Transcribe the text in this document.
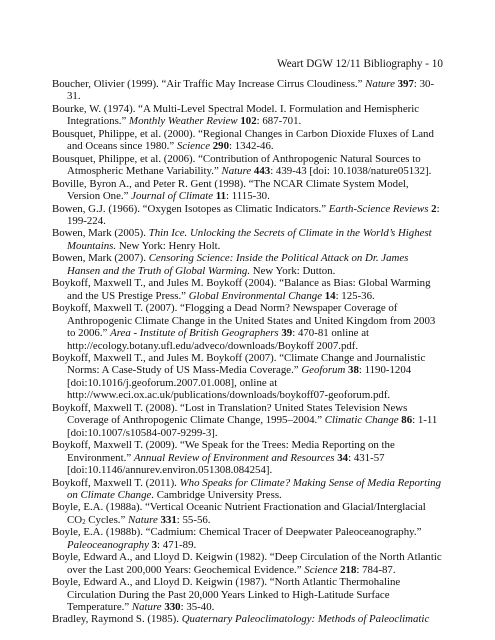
Weart DGW 12/11 Bibliography - 10

Boucher, Olivier (1999). “Air Traffic May Increase Cirrus Cloudiness.” Nature 397: 30-31.

Bourke, W. (1974). “A Multi-Level Spectral Model. I. Formulation and Hemispheric Integrations.” Monthly Weather Review 102: 687-701.

Bousquet, Philippe, et al. (2000). “Regional Changes in Carbon Dioxide Fluxes of Land and Oceans since 1980.” Science 290: 1342-46.

Bousquet, Philippe, et al. (2006). “Contribution of Anthropogenic Natural Sources to Atmospheric Methane Variability.” Nature 443: 439-43 [doi: 10.1038/nature05132].

Boville, Byron A., and Peter R. Gent (1998). “The NCAR Climate System Model, Version One.” Journal of Climate 11: 1115-30.

Bowen, G.J. (1966). “Oxygen Isotopes as Climatic Indicators.” Earth-Science Reviews 2: 199-224.

Bowen, Mark (2005). Thin Ice. Unlocking the Secrets of Climate in the World’s Highest Mountains. New York: Henry Holt.

Bowen, Mark (2007). Censoring Science: Inside the Political Attack on Dr. James Hansen and the Truth of Global Warming. New York: Dutton.

Boykoff, Maxwell T., and Jules M. Boykoff (2004). “Balance as Bias: Global Warming and the US Prestige Press.” Global Environmental Change 14: 125-36.

Boykoff, Maxwell T. (2007). “Flogging a Dead Norm? Newspaper Coverage of Anthropogenic Climate Change in the United States and United Kingdom from 2003 to 2006.” Area - Institute of British Geographers 39: 470-81 online at http://ecology.botany.ufl.edu/adveco/downloads/Boykoff 2007.pdf.

Boykoff, Maxwell T., and Jules M. Boykoff (2007). “Climate Change and Journalistic Norms: A Case-Study of US Mass-Media Coverage.” Geoforum 38: 1190-1204 [doi:10.1016/j.geoforum.2007.01.008], online at http://www.eci.ox.ac.uk/publications/downloads/boykoff07-geoforum.pdf.

Boykoff, Maxwell T. (2008). “Lost in Translation? United States Television News Coverage of Anthropogenic Climate Change, 1995–2004.” Climatic Change 86: 1-11 [doi:10.1007/s10584-007-9299-3].

Boykoff, Maxwell T. (2009). “We Speak for the Trees: Media Reporting on the Environment.” Annual Review of Environment and Resources 34: 431-57 [doi:10.1146/annurev.environ.051308.084254].

Boykoff, Maxwell T. (2011). Who Speaks for Climate? Making Sense of Media Reporting on Climate Change. Cambridge University Press.

Boyle, E.A. (1988a). “Vertical Oceanic Nutrient Fractionation and Glacial/Interglacial $CO_2$ Cycles.” Nature 331: 55-56.

Boyle, E.A. (1988b). “Cadmium: Chemical Tracer of Deepwater Paleoceanography.” Paleoceanography 3: 471-89.

Boyle, Edward A., and Lloyd D. Keigwin (1982). “Deep Circulation of the North Atlantic over the Last 200,000 Years: Geochemical Evidence.” Science 218: 784-87.

Boyle, Edward A., and Lloyd D. Keigwin (1987). “North Atlantic Thermohaline Circulation During the Past 20,000 Years Linked to High-Latitude Surface Temperature.” Nature 330: 35-40.

Bradley, Raymond S. (1985). Quaternary Paleoclimatology: Methods of Paleoclimatic
